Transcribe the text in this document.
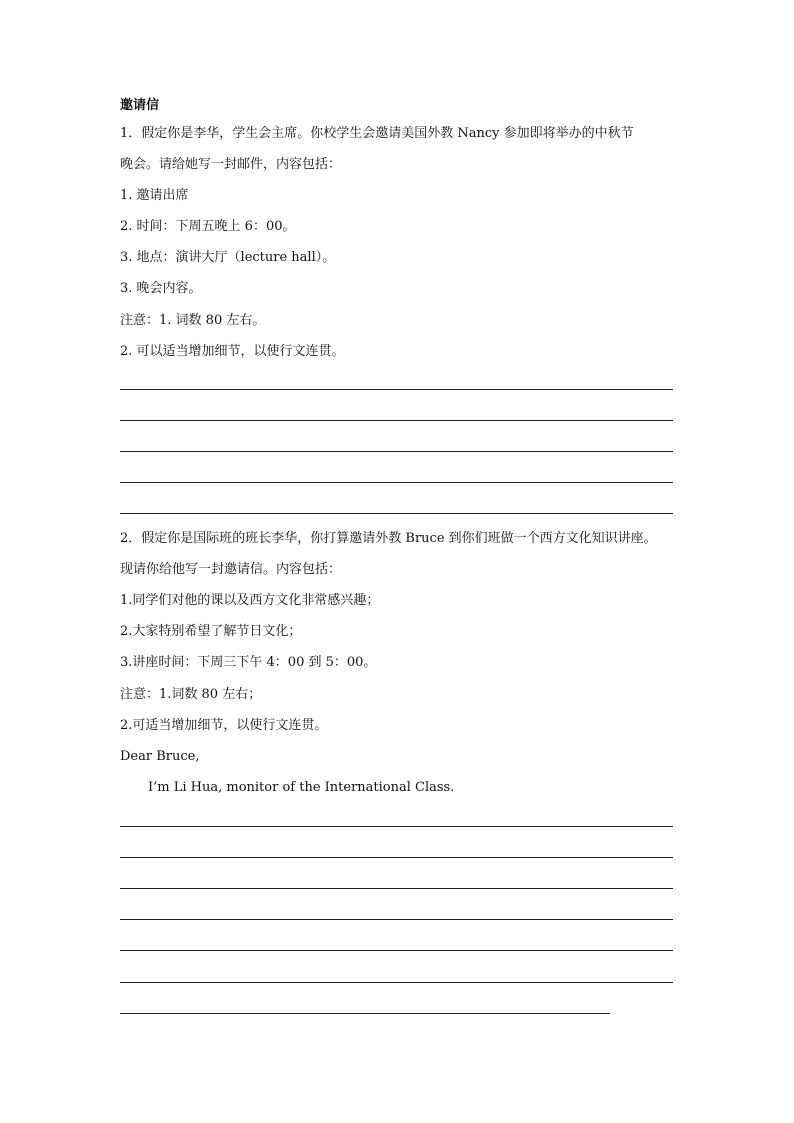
邀请信
1．假定你是李华，学生会主席。你校学生会邀请美国外教 Nancy 参加即将举办的中秋节
晚会。请给她写一封邮件，内容包括：
1. 邀请出席
2. 时间：下周五晚上 6：00。
3. 地点：演讲大厅（lecture hall）。
3. 晚会内容。
注意：1. 词数 80 左右。
2. 可以适当增加细节，以使行文连贯。
2．假定你是国际班的班长李华，你打算邀请外教 Bruce 到你们班做一个西方文化知识讲座。
现请你给他写一封邀请信。内容包括：
1.同学们对他的课以及西方文化非常感兴趣；
2.大家特别希望了解节日文化；
3.讲座时间：下周三下午 4：00 到 5：00。
注意：1.词数 80 左右；
2.可适当增加细节，以使行文连贯。
Dear Bruce,
I’m Li Hua, monitor of the International Class.
